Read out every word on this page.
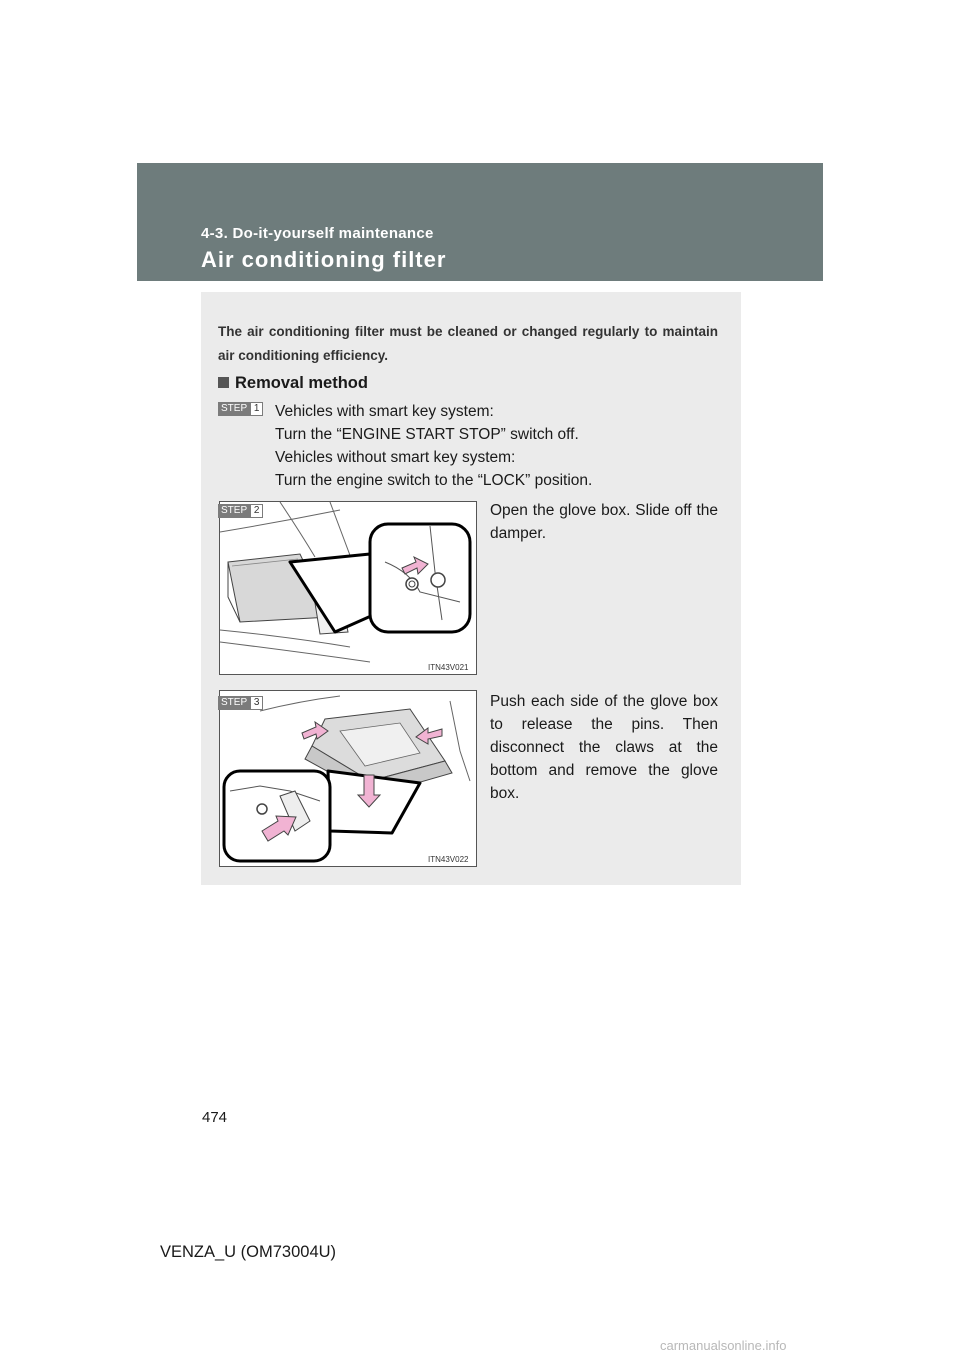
4-3. Do-it-yourself maintenance
Air conditioning filter
The air conditioning filter must be cleaned or changed regularly to maintain air conditioning efficiency.
Removal method
STEP 1 Vehicles with smart key system:
Turn the “ENGINE START STOP” switch off.
Vehicles without smart key system:
Turn the engine switch to the “LOCK” position.
ITN43V021
STEP 2	Open the glove box. Slide off the damper.
ITN43V022
STEP 3	Push each side of the glove box to release the pins. Then disconnect the claws at the bottom and remove the glove box.
474
VENZA_U (OM73004U)
carmanualsonline.info
